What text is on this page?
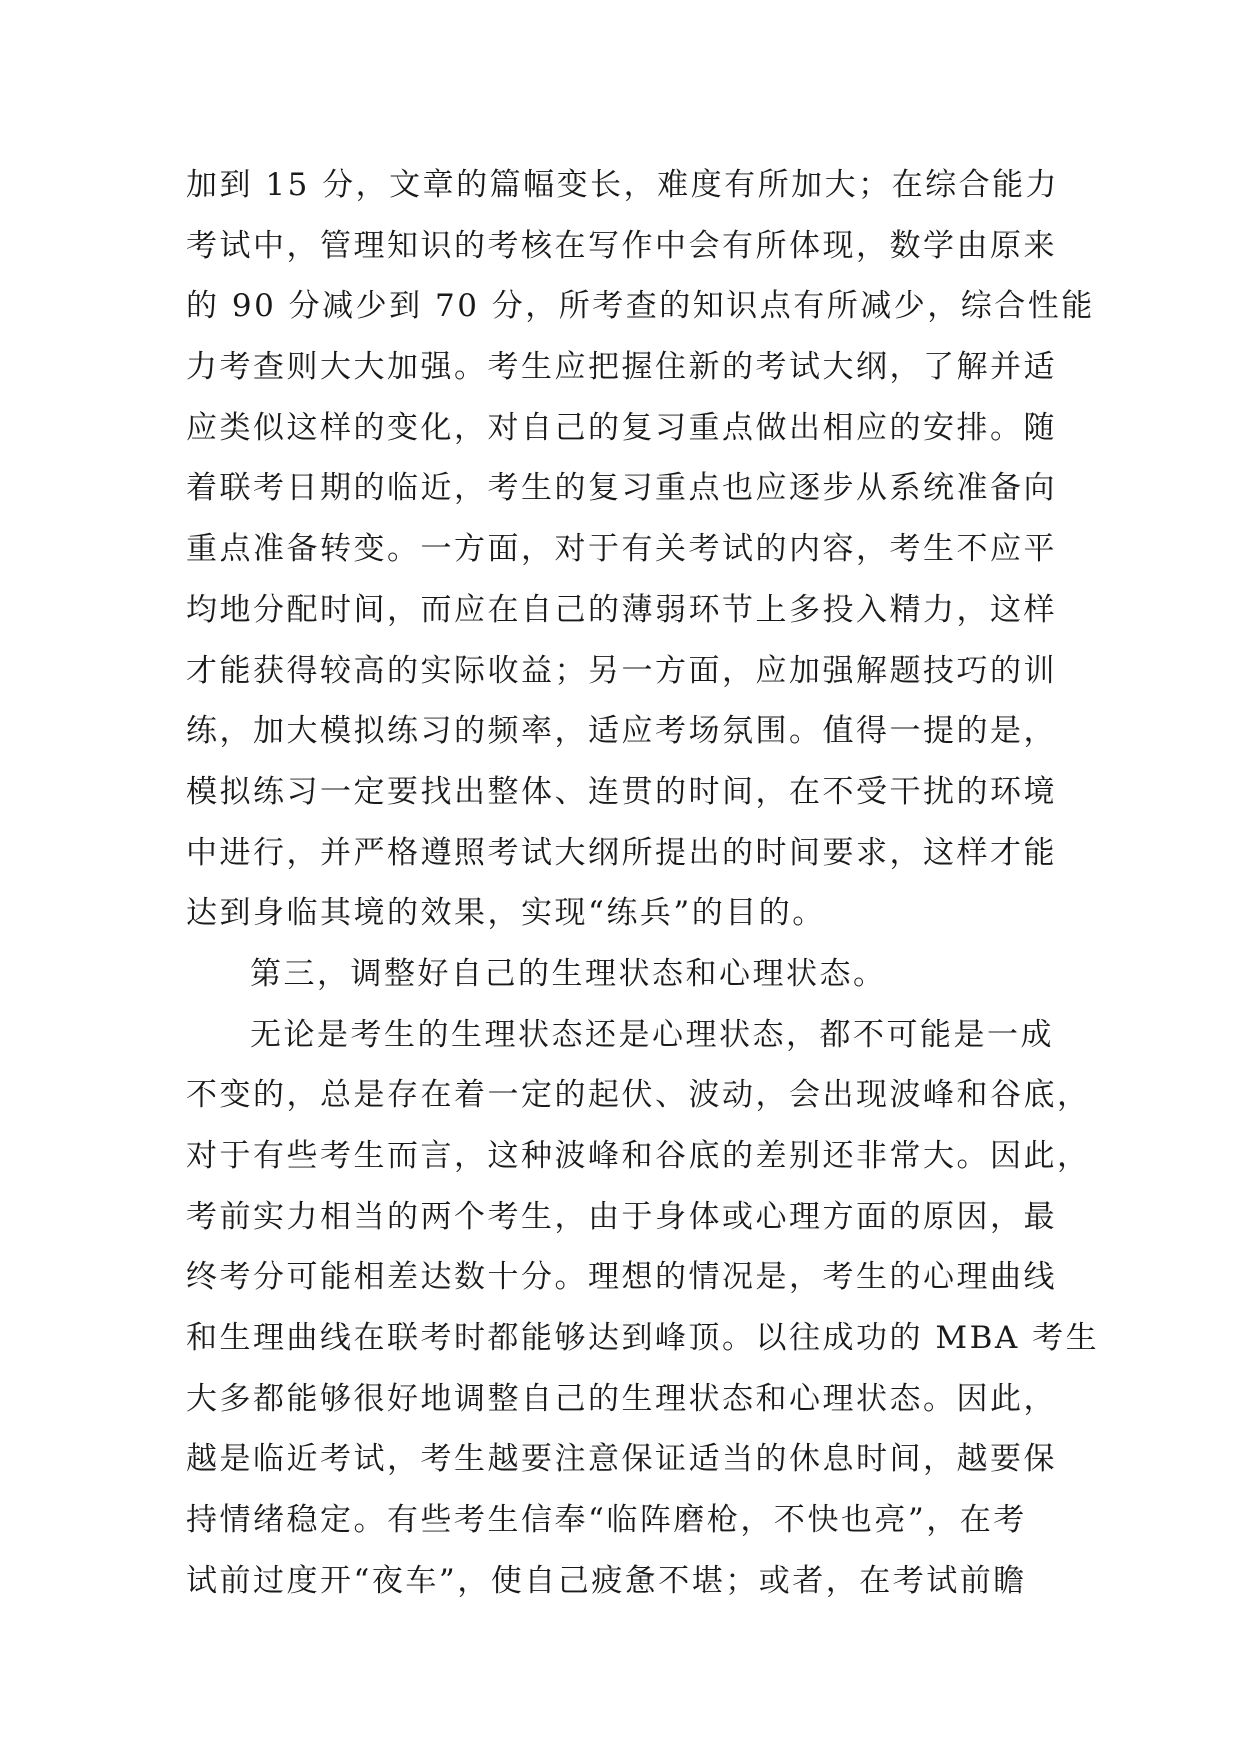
加到 15 分，文章的篇幅变长，难度有所加大；在综合能力
考试中，管理知识的考核在写作中会有所体现，数学由原来
的 90 分减少到 70 分，所考查的知识点有所减少，综合性能
力考查则大大加强。考生应把握住新的考试大纲，了解并适
应类似这样的变化，对自己的复习重点做出相应的安排。随
着联考日期的临近，考生的复习重点也应逐步从系统准备向
重点准备转变。一方面，对于有关考试的内容，考生不应平
均地分配时间，而应在自己的薄弱环节上多投入精力，这样
才能获得较高的实际收益；另一方面，应加强解题技巧的训
练，加大模拟练习的频率，适应考场氛围。值得一提的是，
模拟练习一定要找出整体、连贯的时间，在不受干扰的环境
中进行，并严格遵照考试大纲所提出的时间要求，这样才能
达到身临其境的效果，实现“练兵”的目的。
第三，调整好自己的生理状态和心理状态。
无论是考生的生理状态还是心理状态，都不可能是一成
不变的，总是存在着一定的起伏、波动，会出现波峰和谷底，
对于有些考生而言，这种波峰和谷底的差别还非常大。因此，
考前实力相当的两个考生，由于身体或心理方面的原因，最
终考分可能相差达数十分。理想的情况是，考生的心理曲线
和生理曲线在联考时都能够达到峰顶。以往成功的 MBA 考生
大多都能够很好地调整自己的生理状态和心理状态。因此，
越是临近考试，考生越要注意保证适当的休息时间，越要保
持情绪稳定。有些考生信奉“临阵磨枪，不快也亮”，在考
试前过度开“夜车”，使自己疲惫不堪；或者，在考试前瞻
